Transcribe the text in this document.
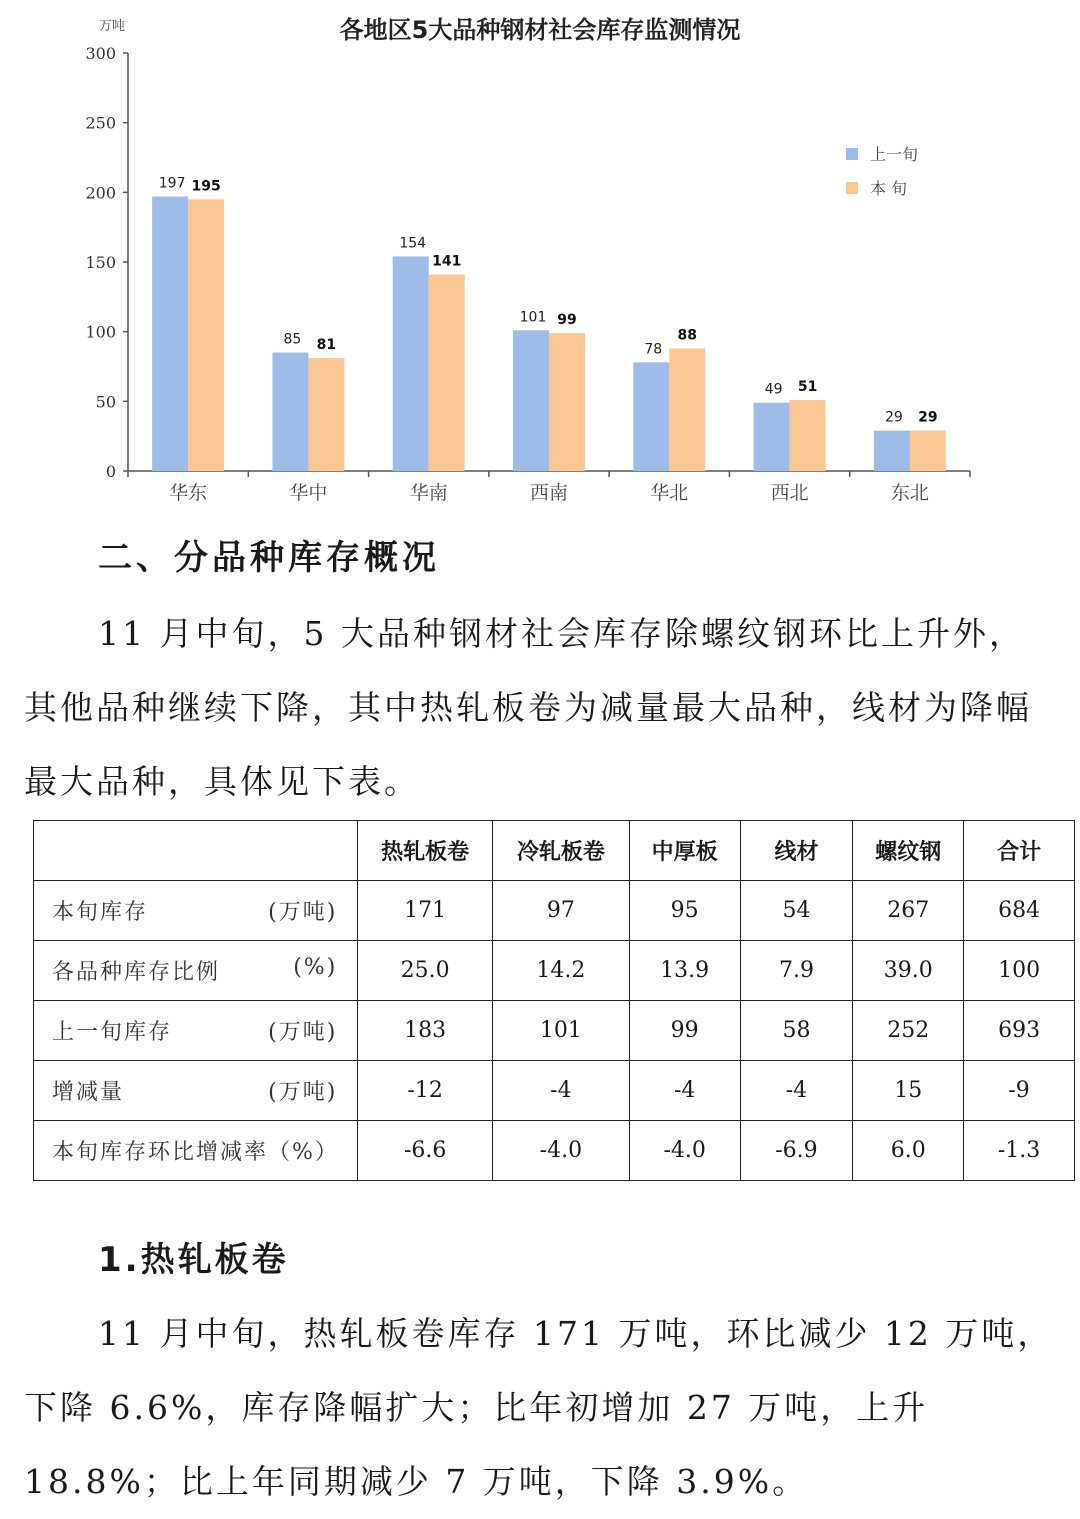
各地区5大品种钢材社会库存监测情况
万吨
0
50
100
150
200
250
300
华东	华中	华南	西南	华北	西北	东北
197 195
85 81
154
141
101 99
78
88
49 51
29 29
上一旬
本 旬
二、分品种库存概况
11 月中旬，5 大品种钢材社会库存除螺纹钢环比上升外，其他品种继续下降，其中热轧板卷为减量最大品种，线材为降幅最大品种，具体见下表。
	热轧板卷	冷轧板卷	中厚板	线材	螺纹钢	合计
本旬库存 (万吨)	171	97	95	54	267	684
各品种库存比例 (%)	25.0	14.2	13.9	7.9	39.0	100
上一旬库存 (万吨)	183	101	99	58	252	693
增减量 (万吨)	-12	-4	-4	-4	15	-9
本旬库存环比增减率（%）	-6.6	-4.0	-4.0	-6.9	6.0	-1.3
1.热轧板卷
11 月中旬，热轧板卷库存 171 万吨，环比减少 12 万吨，下降 6.6%，库存降幅扩大；比年初增加 27 万吨，上升 18.8%；比上年同期减少 7 万吨，下降 3.9%。
